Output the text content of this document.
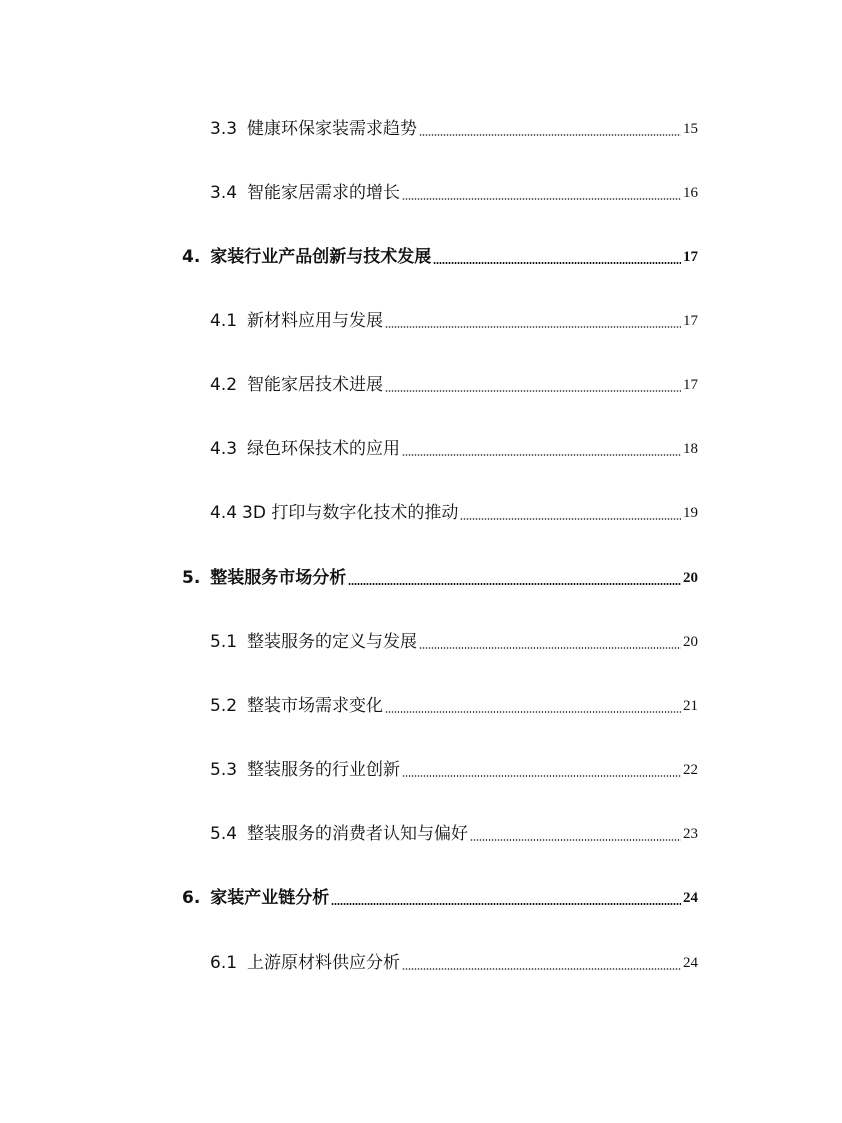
3.3 健康环保家装需求趋势	15
3.4 智能家居需求的增长	16
4. 家装行业产品创新与技术发展	17
4.1 新材料应用与发展	17
4.2 智能家居技术进展	17
4.3 绿色环保技术的应用	18
4.4 3D 打印与数字化技术的推动	19
5. 整装服务市场分析	20
5.1 整装服务的定义与发展	20
5.2 整装市场需求变化	21
5.3 整装服务的行业创新	22
5.4 整装服务的消费者认知与偏好	23
6. 家装产业链分析	24
6.1 上游原材料供应分析	24
